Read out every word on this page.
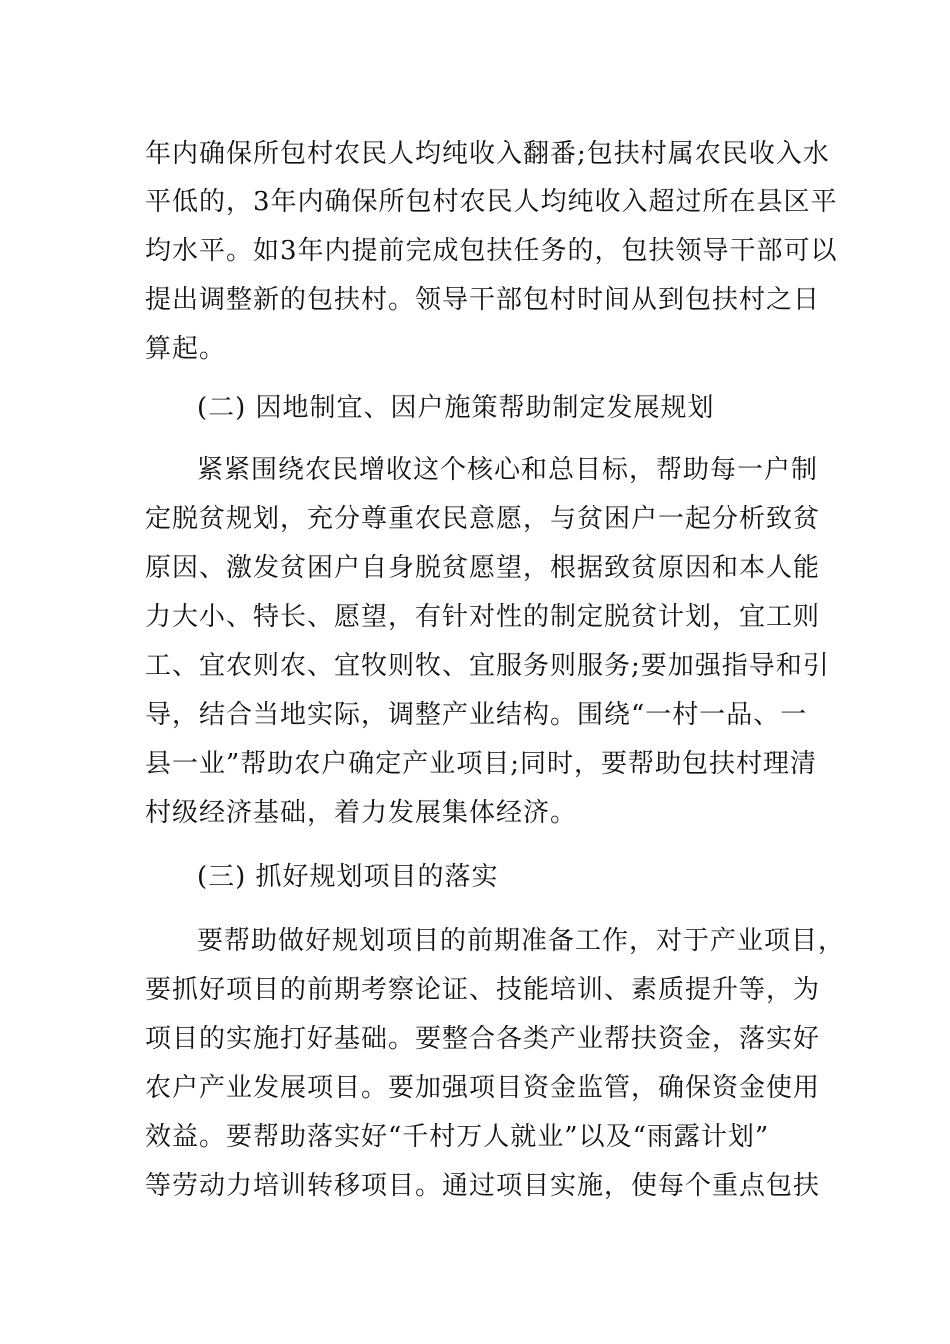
年内确保所包村农民人均纯收入翻番;包扶村属农民收入水
平低的，3年内确保所包村农民人均纯收入超过所在县区平
均水平。如3年内提前完成包扶任务的，包扶领导干部可以
提出调整新的包扶村。领导干部包村时间从到包扶村之日
算起。
(二) 因地制宜、因户施策帮助制定发展规划
紧紧围绕农民增收这个核心和总目标，帮助每一户制
定脱贫规划，充分尊重农民意愿，与贫困户一起分析致贫
原因、激发贫困户自身脱贫愿望，根据致贫原因和本人能
力大小、特长、愿望，有针对性的制定脱贫计划，宜工则
工、宜农则农、宜牧则牧、宜服务则服务;要加强指导和引
导，结合当地实际，调整产业结构。围绕“一村一品、一
县一业”帮助农户确定产业项目;同时，要帮助包扶村理清
村级经济基础，着力发展集体经济。
(三) 抓好规划项目的落实
要帮助做好规划项目的前期准备工作，对于产业项目，
要抓好项目的前期考察论证、技能培训、素质提升等，为
项目的实施打好基础。要整合各类产业帮扶资金，落实好
农户产业发展项目。要加强项目资金监管，确保资金使用
效益。要帮助落实好“千村万人就业”以及“雨露计划”
等劳动力培训转移项目。通过项目实施，使每个重点包扶
